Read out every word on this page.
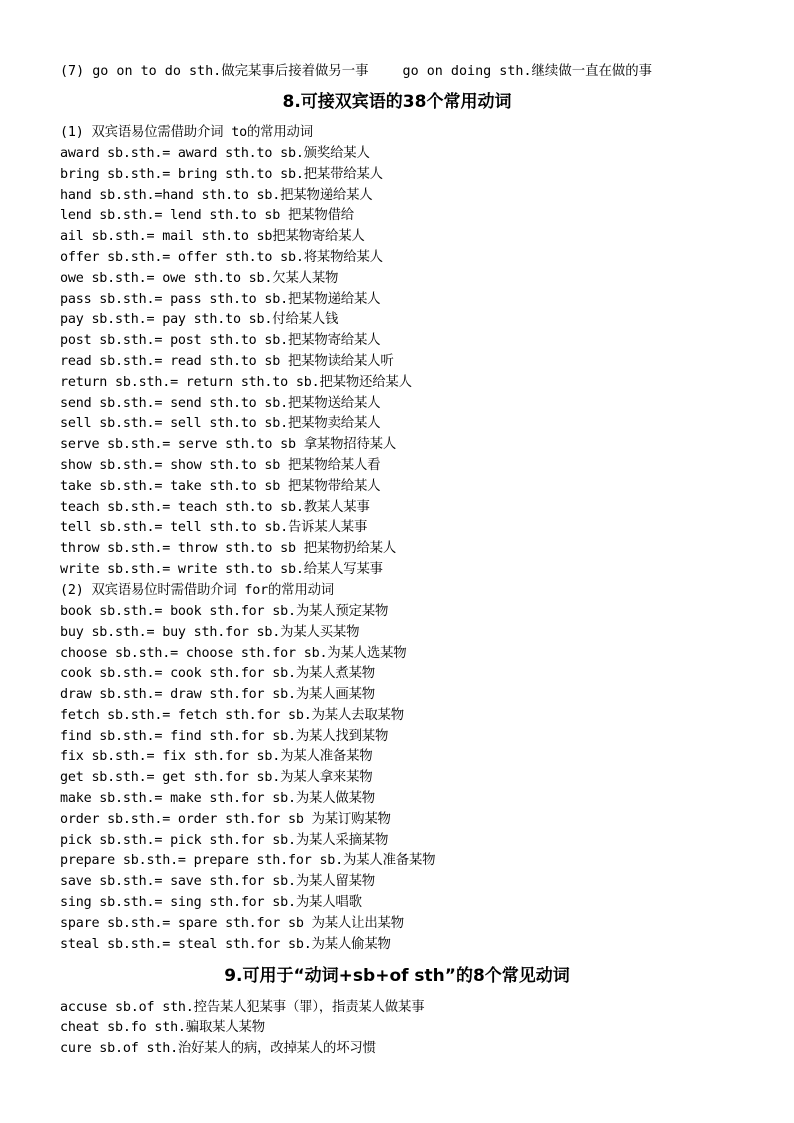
(7) go on to do sth.做完某事后接着做另一事	go on doing sth.继续做一直在做的事
8.可接双宾语的38个常用动词
(1) 双宾语易位需借助介词 to的常用动词
award sb.sth.= award sth.to sb.颁奖给某人
bring sb.sth.= bring sth.to sb.把某带给某人
hand sb.sth.=hand sth.to sb.把某物递给某人
lend sb.sth.= lend sth.to sb 把某物借给
ail sb.sth.= mail sth.to sb把某物寄给某人
offer sb.sth.= offer sth.to sb.将某物给某人
owe sb.sth.= owe sth.to sb.欠某人某物
pass sb.sth.= pass sth.to sb.把某物递给某人
pay sb.sth.= pay sth.to sb.付给某人钱
post sb.sth.= post sth.to sb.把某物寄给某人
read sb.sth.= read sth.to sb 把某物读给某人听
return sb.sth.= return sth.to sb.把某物还给某人
send sb.sth.= send sth.to sb.把某物送给某人
sell sb.sth.= sell sth.to sb.把某物卖给某人
serve sb.sth.= serve sth.to sb 拿某物招待某人
show sb.sth.= show sth.to sb 把某物给某人看
take sb.sth.= take sth.to sb 把某物带给某人
teach sb.sth.= teach sth.to sb.教某人某事
tell sb.sth.= tell sth.to sb.告诉某人某事
throw sb.sth.= throw sth.to sb 把某物扔给某人
write sb.sth.= write sth.to sb.给某人写某事
(2) 双宾语易位时需借助介词 for的常用动词
book sb.sth.= book sth.for sb.为某人预定某物
buy sb.sth.= buy sth.for sb.为某人买某物
choose sb.sth.= choose sth.for sb.为某人选某物
cook sb.sth.= cook sth.for sb.为某人煮某物
draw sb.sth.= draw sth.for sb.为某人画某物
fetch sb.sth.= fetch sth.for sb.为某人去取某物
find sb.sth.= find sth.for sb.为某人找到某物
fix sb.sth.= fix sth.for sb.为某人准备某物
get sb.sth.= get sth.for sb.为某人拿来某物
make sb.sth.= make sth.for sb.为某人做某物
order sb.sth.= order sth.for sb 为某订购某物
pick sb.sth.= pick sth.for sb.为某人采摘某物
prepare sb.sth.= prepare sth.for sb.为某人准备某物
save sb.sth.= save sth.for sb.为某人留某物
sing sb.sth.= sing sth.for sb.为某人唱歌
spare sb.sth.= spare sth.for sb 为某人让出某物
steal sb.sth.= steal sth.for sb.为某人偷某物
9.可用于“动词+sb+of sth”的8个常见动词
accuse sb.of sth.控告某人犯某事（罪），指责某人做某事
cheat sb.fo sth.骗取某人某物
cure sb.of sth.治好某人的病，改掉某人的坏习惯
